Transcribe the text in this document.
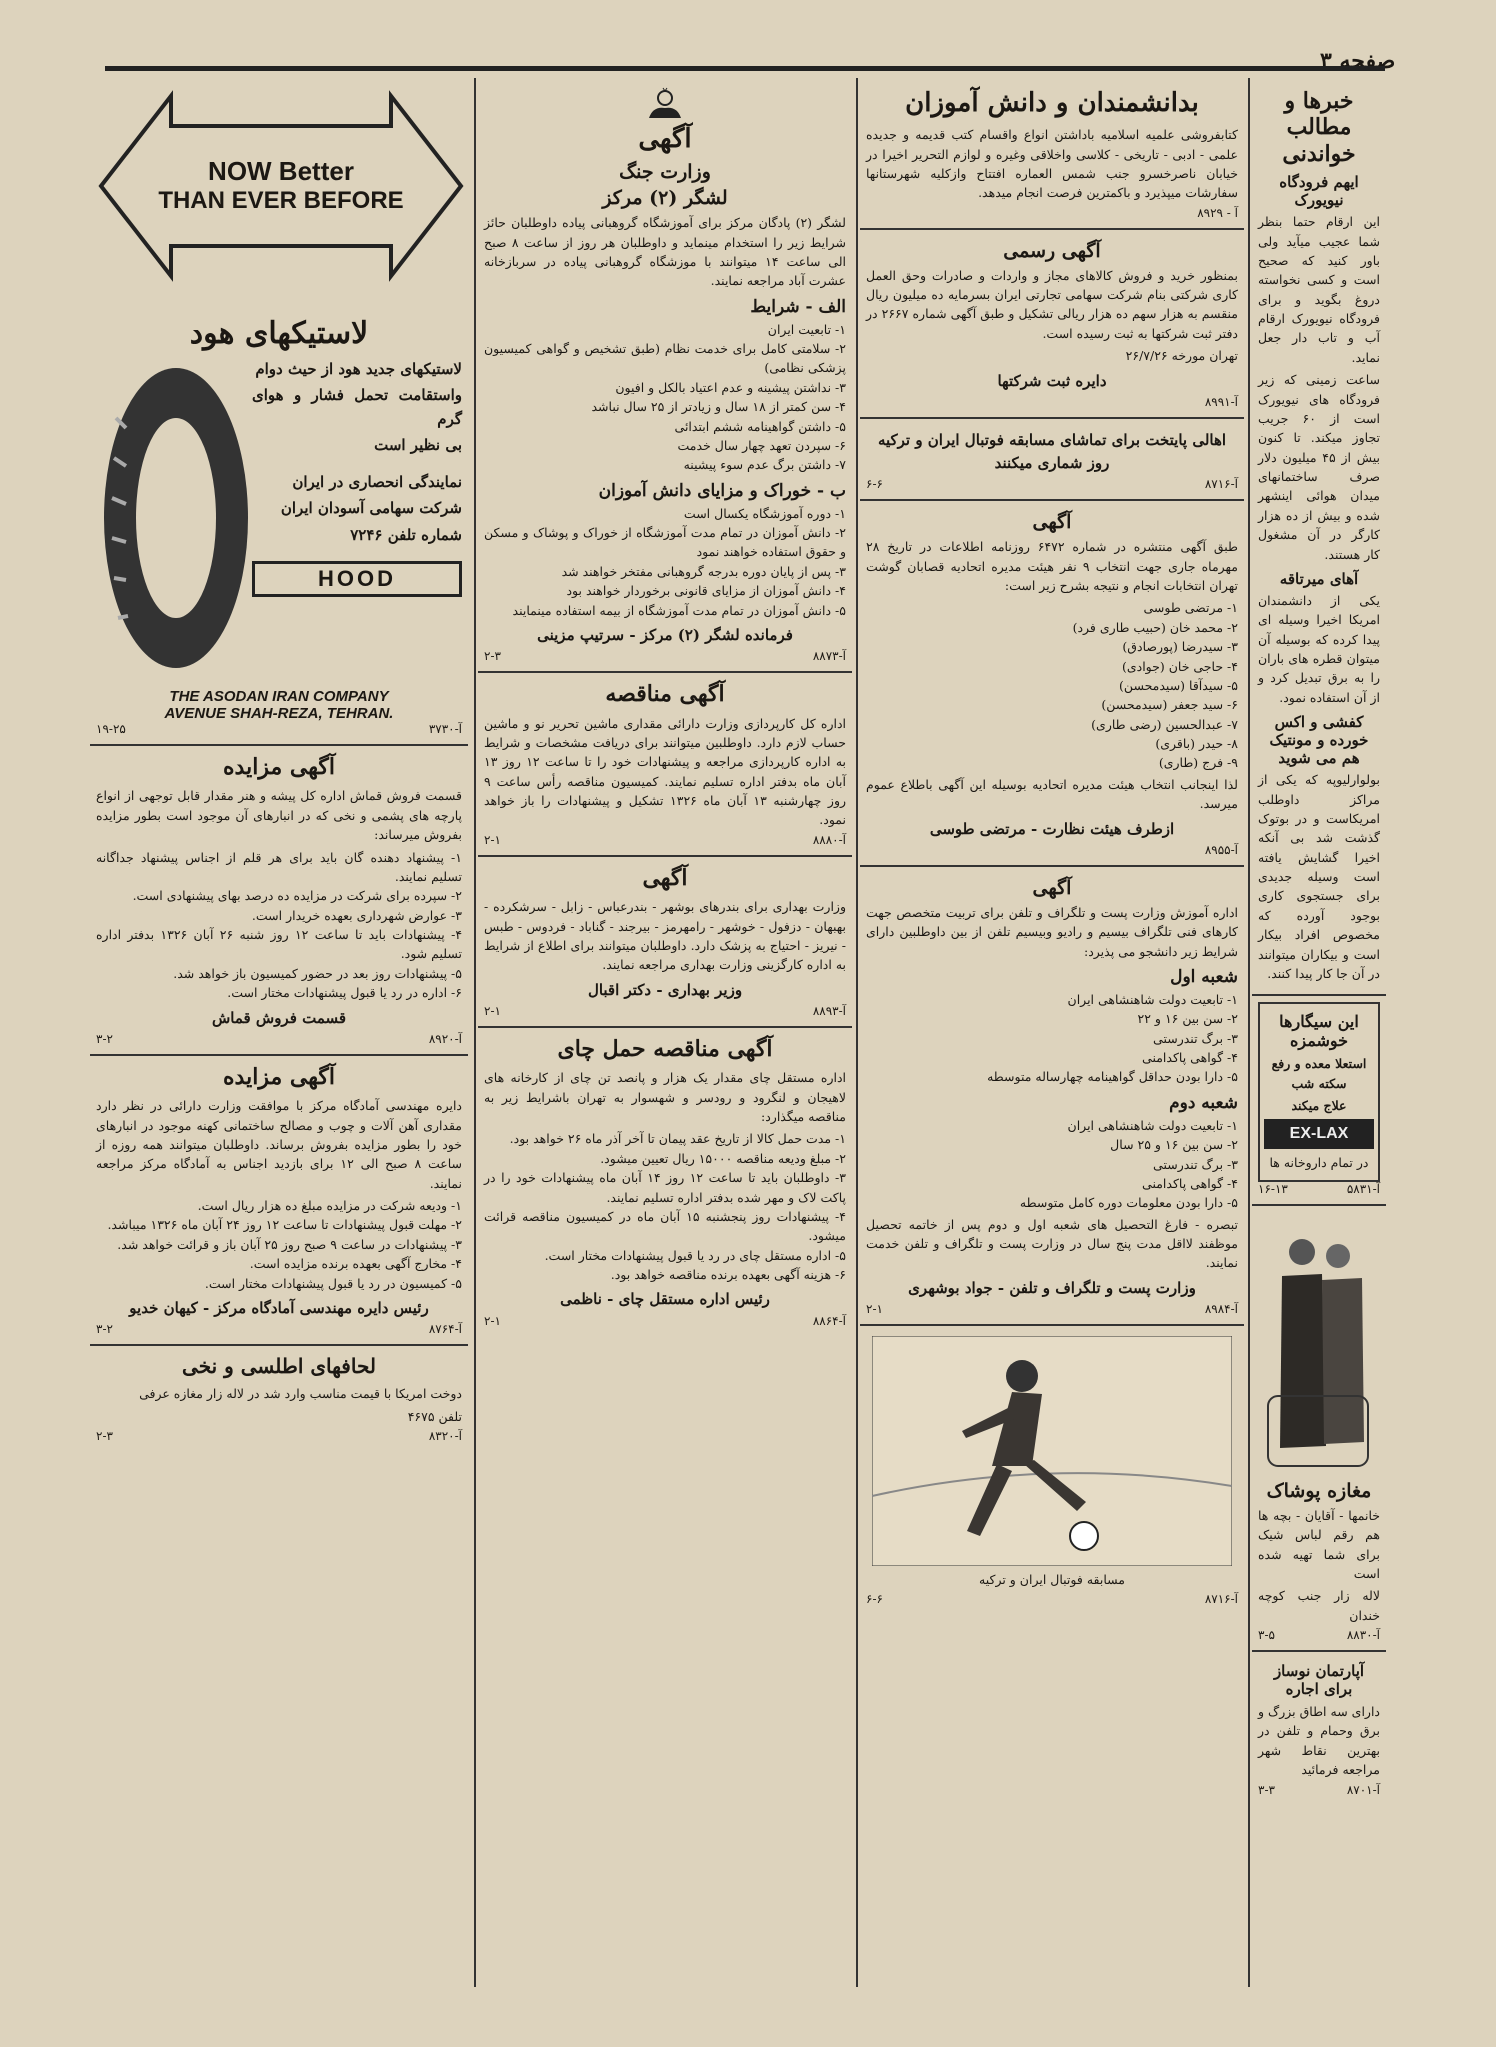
صفحه ۳
خبرها و مطالب خواندنی
ایهم فرودگاه نیویورک

این ارقام حتما بنظر شما عجیب میآید ولی باور کنید که صحیح است و کسی نخواسته دروغ بگوید و برای فرودگاه نیویورک ارقام آب و تاب دار جعل نماید.

ساعت زمینی که زیر فرودگاه های نیویورک است از ۶۰ جریب تجاوز میکند. تا کنون بیش از ۴۵ میلیون دلار صرف ساختمانهای میدان هوائی اینشهر شده و بیش از ده هزار کارگر در آن مشغول کار هستند.

آهای میرتاقه

یکی از دانشمندان امریکا اخیرا وسیله ای پیدا کرده که بوسیله آن میتوان قطره های باران را به برق تبدیل کرد و از آن استفاده نمود.

کفشی و اکس خورده و مونتیک هم می شوید

بولوارلیوپه که یکی از مراکز داوطلب امریکاست و در بوتوک گذشت شد بی آنکه اخیرا گشایش یافته است وسیله جدیدی برای جستجوی کاری بوجود آورده که مخصوص افراد بیکار است و بیکاران میتوانند در آن جا کار پیدا کنند.

این سیگارها خوشمزه

استعلا معده و رفع سکته شب

علاج میکند

EX-LAX

در تمام داروخانه ها

آ-۵۸۳۱
۱۶-۱۳
مغازه پوشاک

خانمها - آقایان - بچه ها هم رقم لباس شیک برای شما تهیه شده است

لاله زار جنب کوچه خندان

آ-۸۸۳۰
۳-۵
آپارتمان نوساز برای اجاره

دارای سه اطاق بزرگ و برق وحمام و تلفن در بهترین نقاط شهر مراجعه فرمائید

آ-۸۷۰۱
۳-۳
بدانشمندان و دانش آموزان

کتابفروشی علمیه اسلامیه باداشتن انواع واقسام کتب قدیمه و جدیده علمی - ادبی - تاریخی - کلاسی واخلاقی وغیره و لوازم التحریر اخیرا در خیابان ناصرخسرو جنب شمس العماره افتتاح وازکلیه شهرستانها سفارشات میپذیرد و باکمترین فرصت انجام میدهد.

آ - ۸۹۲۹
آگهی رسمی

بمنظور خرید و فروش کالاهای مجاز و واردات و صادرات وحق العمل کاری شرکتی بنام شرکت سهامی تجارتی ایران بسرمایه ده میلیون ریال منقسم به هزار سهم ده هزار ریالی تشکیل و طبق آگهی شماره ۲۶۶۷ در دفتر ثبت شرکتها به ثبت رسیده است.

تهران مورخه ۲۶/۷/۲۶

دایره ثبت شرکتها

آ-۸۹۹۱

اهالی پایتخت برای تماشای مسابقه فوتبال ایران و ترکیه روز شماری میکنند

آ-۸۷۱۶
۶-۶
آگهی

طبق آگهی منتشره در شماره ۶۴۷۲ روزنامه اطلاعات در تاریخ ۲۸ مهرماه جاری جهت انتخاب ۹ نفر هیئت مدیره اتحادیه قصابان گوشت تهران انتخابات انجام و نتیجه بشرح زیر است:

۱- مرتضی طوسی
۲- محمد خان (حبیب طاری فرد)
۳- سیدرضا (پورصادق)
۴- حاجی خان (جوادی)
۵- سیدآقا (سیدمحسن)
۶- سید جعفر (سیدمحسن)
۷- عبدالحسین (رضی طاری)
۸- حیدر (باقری)
۹- فرج (طاری)

لذا اینجانب انتخاب هیئت مدیره اتحادیه بوسیله این آگهی باطلاع عموم میرسد.

ازطرف هیئت نظارت - مرتضی طوسی

آ-۸۹۵۵
آگهی

اداره آموزش وزارت پست و تلگراف و تلفن برای تربیت متخصص جهت کارهای فنی تلگراف بیسیم و رادیو وبیسیم تلفن از بین داوطلبین دارای شرایط زیر دانشجو می پذیرد:

شعبه اول
۱- تابعیت دولت شاهنشاهی ایران
۲- سن بین ۱۶ و ۲۲
۳- برگ تندرستی
۴- گواهی پاکدامنی
۵- دارا بودن حداقل گواهینامه چهارساله متوسطه
شعبه دوم
۱- تابعیت دولت شاهنشاهی ایران
۲- سن بین ۱۶ و ۲۵ سال
۳- برگ تندرستی
۴- گواهی پاکدامنی
۵- دارا بودن معلومات دوره کامل متوسطه

تبصره - فارغ التحصیل های شعبه اول و دوم پس از خاتمه تحصیل موظفند لااقل مدت پنج سال در وزارت پست و تلگراف و تلفن خدمت نمایند.

وزارت پست و تلگراف و تلفن - جواد بوشهری

آ-۸۹۸۴
۲-۱

مسابقه فوتبال ایران و ترکیه

آ-۸۷۱۶
۶-۶
آگهی
وزارت جنگ
لشگر (۲) مرکز

لشگر (۲) پادگان مرکز برای آموزشگاه گروهبانی پیاده داوطلبان حائز شرایط زیر را استخدام مینماید و داوطلبان هر روز از ساعت ۸ صبح الی ساعت ۱۴ میتوانند با موزشگاه گروهبانی پیاده در سربازخانه عشرت آباد مراجعه نمایند.

الف - شرایط
۱- تابعیت ایران
۲- سلامتی کامل برای خدمت نظام (طبق تشخیص و گواهی کمیسیون پزشکی نظامی)
۳- نداشتن پیشینه و عدم اعتیاد بالکل و افیون
۴- سن کمتر از ۱۸ سال و زیادتر از ۲۵ سال نباشد
۵- داشتن گواهینامه ششم ابتدائی
۶- سپردن تعهد چهار سال خدمت
۷- داشتن برگ عدم سوء پیشینه
ب - خوراک و مزایای دانش آموزان
۱- دوره آموزشگاه یکسال است
۲- دانش آموزان در تمام مدت آموزشگاه از خوراک و پوشاک و مسکن و حقوق استفاده خواهند نمود
۳- پس از پایان دوره بدرجه گروهبانی مفتخر خواهند شد
۴- دانش آموزان از مزایای قانونی برخوردار خواهند بود
۵- دانش آموزان در تمام مدت آموزشگاه از بیمه استفاده مینمایند

فرمانده لشگر (۲) مرکز - سرتیپ مزینی

آ-۸۸۷۳
۲-۳
آگهی مناقصه

اداره کل کارپردازی وزارت دارائی مقداری ماشین تحریر نو و ماشین حساب لازم دارد. داوطلبین میتوانند برای دریافت مشخصات و شرایط به اداره کارپردازی مراجعه و پیشنهادات خود را تا ساعت ۱۲ روز ۱۳ آبان ماه بدفتر اداره تسلیم نمایند. کمیسیون مناقصه رأس ساعت ۹ روز چهارشنبه ۱۳ آبان ماه ۱۳۲۶ تشکیل و پیشنهادات را باز خواهد نمود.

آ-۸۸۸۰
۲-۱
آگهی

وزارت بهداری برای بندرهای بوشهر - بندرعباس - زابل - سرشکرده - بهبهان - دزفول - خوشهر - رامهرمز - بیرجند - گناباد - فردوس - طبس - نیریز - احتیاج به پزشک دارد. داوطلبان میتوانند برای اطلاع از شرایط به اداره کارگزینی وزارت بهداری مراجعه نمایند.

وزیر بهداری - دکتر اقبال

آ-۸۸۹۳
۲-۱
آگهی مناقصه حمل چای

اداره مستقل چای مقدار یک هزار و پانصد تن چای از کارخانه های لاهیجان و لنگرود و رودسر و شهسوار به تهران باشرایط زیر به مناقصه میگذارد:

۱- مدت حمل کالا از تاریخ عقد پیمان تا آخر آذر ماه ۲۶ خواهد بود.
۲- مبلغ ودیعه مناقصه ۱۵۰۰۰ ریال تعیین میشود.
۳- داوطلبان باید تا ساعت ۱۲ روز ۱۴ آبان ماه پیشنهادات خود را در پاکت لاک و مهر شده بدفتر اداره تسلیم نمایند.
۴- پیشنهادات روز پنجشنبه ۱۵ آبان ماه در کمیسیون مناقصه قرائت میشود.
۵- اداره مستقل چای در رد یا قبول پیشنهادات مختار است.
۶- هزینه آگهی بعهده برنده مناقصه خواهد بود.

رئیس اداره مستقل چای - ناظمی

آ-۸۸۶۴
۲-۱
NOW Better
THAN EVER BEFORE
لاستیکهای هود

لاستیکهای جدید هود از حیث دوام

واستقامت تحمل فشار و هوای گرم

بی نظیر است

نمایندگی انحصاری در ایران

شرکت سهامی آسودان ایران

شماره تلفن ۷۲۴۶

HOOD
THE ASODAN IRAN COMPANY
AVENUE SHAH-REZA, TEHRAN.
آ-۳۷۳۰
۱۹-۲۵
آگهی مزایده

قسمت فروش قماش اداره کل پیشه و هنر مقدار قابل توجهی از انواع پارچه های پشمی و نخی که در انبارهای آن موجود است بطور مزایده بفروش میرساند:

۱- پیشنهاد دهنده گان باید برای هر قلم از اجناس پیشنهاد جداگانه تسلیم نمایند.
۲- سپرده برای شرکت در مزایده ده درصد بهای پیشنهادی است.
۳- عوارض شهرداری بعهده خریدار است.
۴- پیشنهادات باید تا ساعت ۱۲ روز شنبه ۲۶ آبان ۱۳۲۶ بدفتر اداره تسلیم شود.
۵- پیشنهادات روز بعد در حضور کمیسیون باز خواهد شد.
۶- اداره در رد یا قبول پیشنهادات مختار است.

قسمت فروش قماش

آ-۸۹۲۰
۳-۲
آگهی مزایده

دایره مهندسی آمادگاه مرکز با موافقت وزارت دارائی در نظر دارد مقداری آهن آلات و چوب و مصالح ساختمانی کهنه موجود در انبارهای خود را بطور مزایده بفروش برساند. داوطلبان میتوانند همه روزه از ساعت ۸ صبح الی ۱۲ برای بازدید اجناس به آمادگاه مرکز مراجعه نمایند.

۱- ودیعه شرکت در مزایده مبلغ ده هزار ریال است.
۲- مهلت قبول پیشنهادات تا ساعت ۱۲ روز ۲۴ آبان ماه ۱۳۲۶ میباشد.
۳- پیشنهادات در ساعت ۹ صبح روز ۲۵ آبان باز و قرائت خواهد شد.
۴- مخارج آگهی بعهده برنده مزایده است.
۵- کمیسیون در رد یا قبول پیشنهادات مختار است.

رئیس دایره مهندسی آمادگاه مرکز - کیهان خدیو

آ-۸۷۶۴
۳-۲
لحافهای اطلسی و نخی

دوخت امریکا با قیمت مناسب وارد شد در لاله زار مغازه عرفی

تلفن ۴۶۷۵

آ-۸۳۲۰
۲-۳
